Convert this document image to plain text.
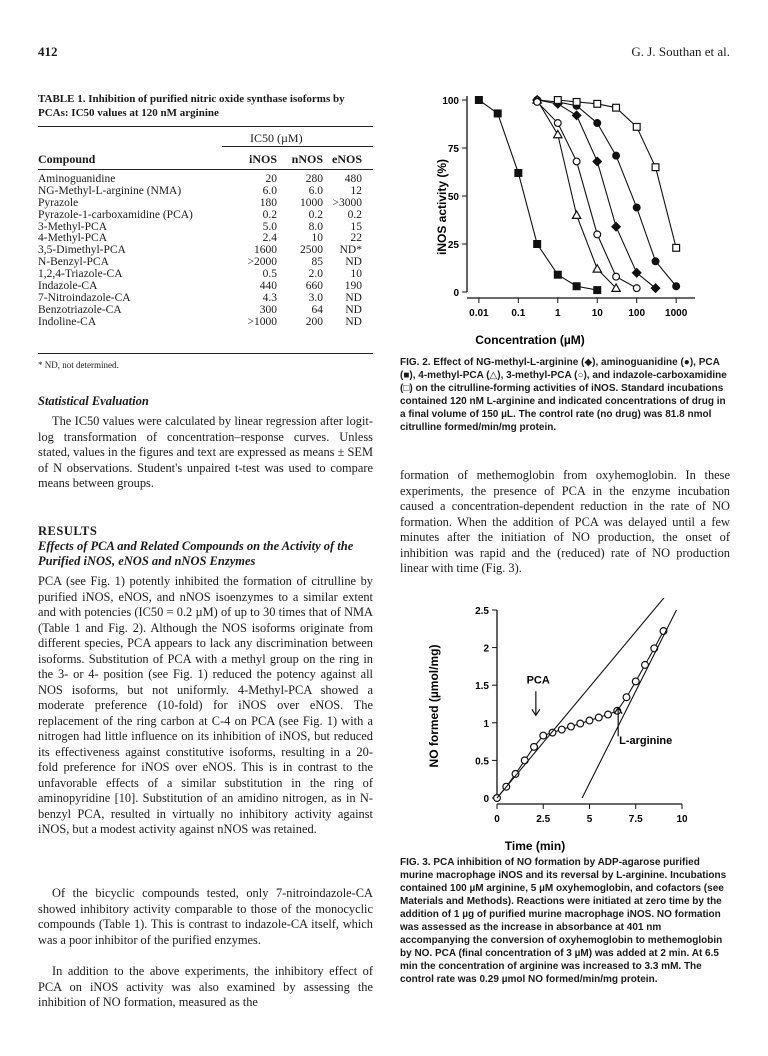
412	G. J. Southan et al.
TABLE 1. Inhibition of purified nitric oxide synthase isoforms by PCAs: IC50 values at 120 nM arginine
IC50 (µM)
Compound	iNOS nNOS eNOS
Aminoguanidine	20	280 480
NG-Methyl-L-arginine (NMA)	6.0	6.0 12
Pyrazole	180 1000 >3000
Pyrazole-1-carboxamidine (PCA)	0.2	0.2 0.2
3-Methyl-PCA	5.0	8.0 15
4-Methyl-PCA	2.4	10 22
3,5-Dimethyl-PCA	1600 2500 ND*
N-Benzyl-PCA	>2000	85 ND
1,2,4-Triazole-CA	0.5	2.0 10
Indazole-CA	440	660 190
7-Nitroindazole-CA	4.3	3.0 ND
Benzotriazole-CA	300	64 ND
Indoline-CA	>1000	200 ND
* ND, not determined.
Statistical Evaluation
The IC50 values were calculated by linear regression after logit-log transformation of concentration–response curves. Unless stated, values in the figures and text are expressed as means ± SEM of N observations. Student's unpaired t-test was used to compare means between groups.
RESULTS
Effects of PCA and Related Compounds on the Activity of the Purified iNOS, eNOS and nNOS Enzymes
PCA (see Fig. 1) potently inhibited the formation of citrulline by purified iNOS, eNOS, and nNOS isoenzymes to a similar extent and with potencies (IC50 = 0.2 µM) of up to 30 times that of NMA (Table 1 and Fig. 2). Although the NOS isoforms originate from different species, PCA appears to lack any discrimination between isoforms. Substitution of PCA with a methyl group on the ring in the 3- or 4- position (see Fig. 1) reduced the potency against all NOS isoforms, but not uniformly. 4-Methyl-PCA showed a moderate preference (10-fold) for iNOS over eNOS. The replacement of the ring carbon at C-4 on PCA (see Fig. 1) with a nitrogen had little influence on its inhibition of iNOS, but reduced its effectiveness against constitutive isoforms, resulting in a 20-fold preference for iNOS over eNOS. This is in contrast to the unfavorable effects of a similar substitution in the ring of aminopyridine [10]. Substitution of an amidino nitrogen, as in N-benzyl PCA, resulted in virtually no inhibitory activity against iNOS, but a modest activity against nNOS was retained.
Of the bicyclic compounds tested, only 7-nitroindazole-CA showed inhibitory activity comparable to those of the monocyclic compounds (Table 1). This is contrast to indazole-CA itself, which was a poor inhibitor of the purified enzymes.
In addition to the above experiments, the inhibitory effect of PCA on iNOS activity was also examined by assessing the inhibition of NO formation, measured as the
0
25
50
75
100
0.01 0.1	1	10	100 1000
Concentration (µM)
iNOS activity (%)
FIG. 2. Effect of NG-methyl-L-arginine (◆), aminoguanidine (●), PCA (■), 4-methyl-PCA (△), 3-methyl-PCA (○), and indazole-carboxamidine (□) on the citrulline-forming activities of iNOS. Standard incubations contained 120 nM L-arginine and indicated concentrations of drug in a final volume of 150 µL. The control rate (no drug) was 81.8 nmol citrulline formed/min/mg protein.
formation of methemoglobin from oxyhemoglobin. In these experiments, the presence of PCA in the enzyme incubation caused a concentration-dependent reduction in the rate of NO formation. When the addition of PCA was delayed until a few minutes after the initiation of NO production, the onset of inhibition was rapid and the (reduced) rate of NO production linear with time (Fig. 3).
0
0.5
1
1.5
2
2.5
0	2.5	5	7.5	10
Time (min)
NO formed (µmol/mg)	PCA
L-arginine
FIG. 3. PCA inhibition of NO formation by ADP-agarose purified murine macrophage iNOS and its reversal by L-arginine. Incubations contained 100 µM arginine, 5 µM oxyhemoglobin, and cofactors (see Materials and Methods). Reactions were initiated at zero time by the addition of 1 µg of purified murine macrophage iNOS. NO formation was assessed as the increase in absorbance at 401 nm accompanying the conversion of oxyhemoglobin to methemoglobin by NO. PCA (final concentration of 3 µM) was added at 2 min. At 6.5 min the concentration of arginine was increased to 3.3 mM. The control rate was 0.29 µmol NO formed/min/mg protein.
